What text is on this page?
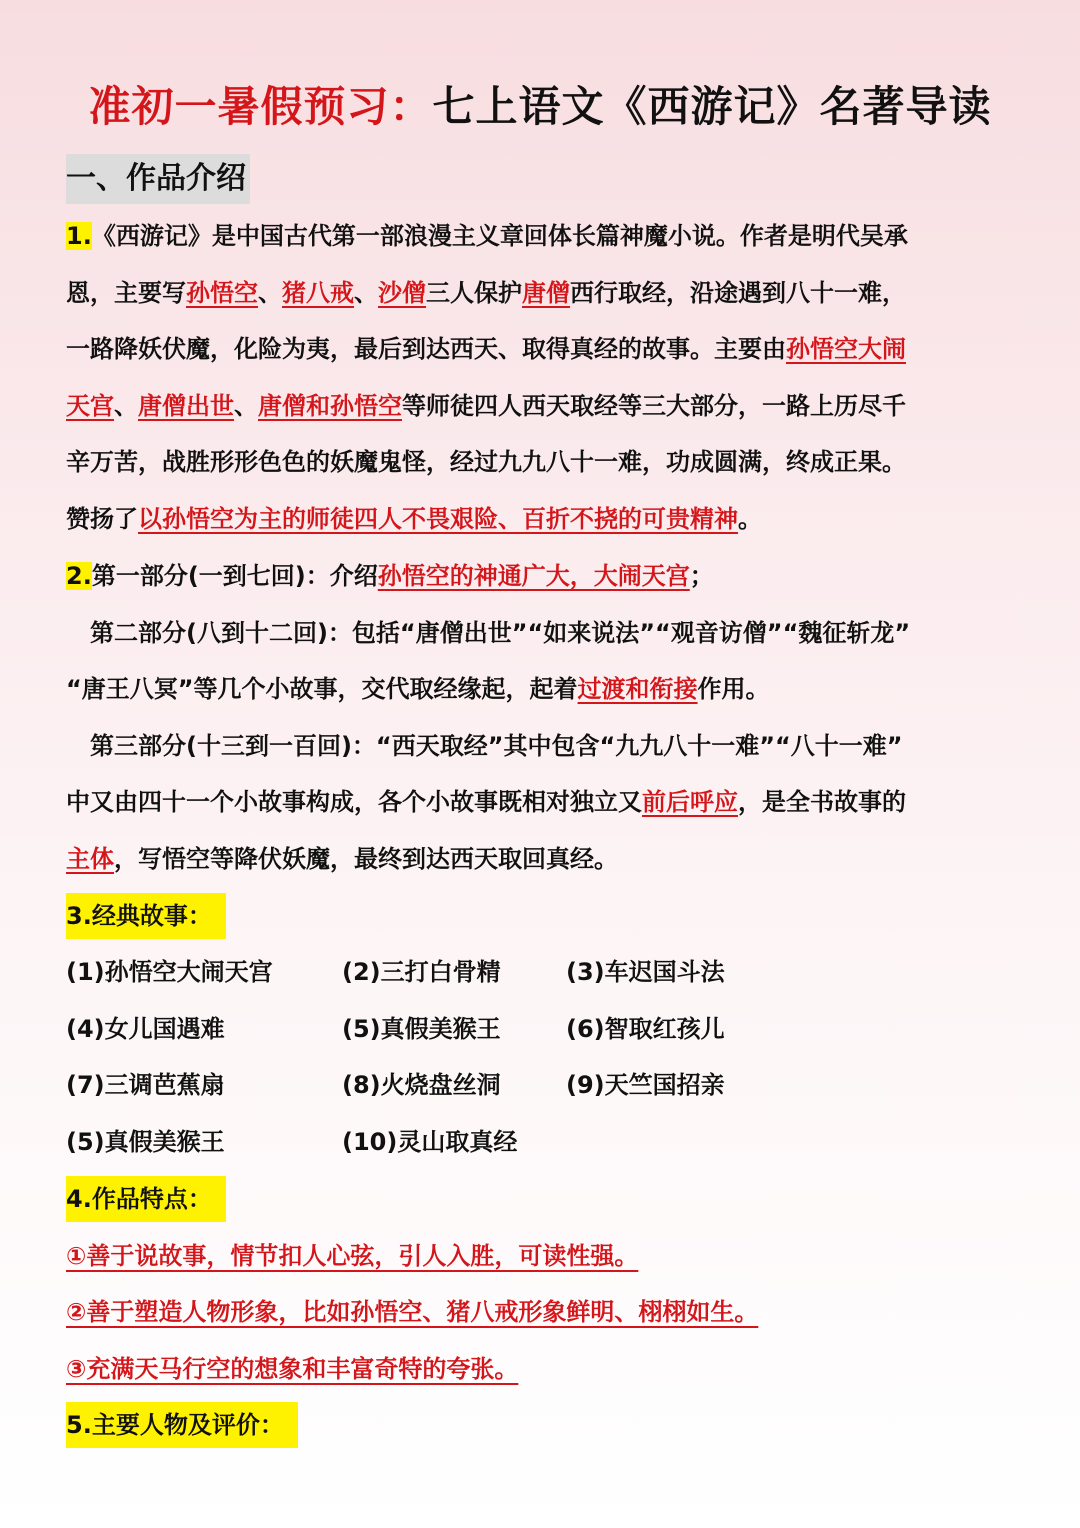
准初一暑假预习：七上语文《西游记》名著导读
一、作品介绍
1.《西游记》是中国古代第一部浪漫主义章回体长篇神魔小说。作者是明代吴承
恩，主要写孙悟空、猪八戒、沙僧三人保护唐僧西行取经，沿途遇到八十一难，
一路降妖伏魔，化险为夷，最后到达西天、取得真经的故事。主要由孙悟空大闹
天宫、唐僧出世、唐僧和孙悟空等师徒四人西天取经等三大部分，一路上历尽千
辛万苦，战胜形形色色的妖魔鬼怪，经过九九八十一难，功成圆满，终成正果。
赞扬了以孙悟空为主的师徒四人不畏艰险、百折不挠的可贵精神。
2.第一部分(一到七回)：介绍孙悟空的神通广大，大闹天宫；
第二部分(八到十二回)：包括“唐僧出世”“如来说法”“观音访僧”“魏征斩龙”
“唐王八冥”等几个小故事，交代取经缘起，起着过渡和衔接作用。
第三部分(十三到一百回)：“西天取经”其中包含“九九八十一难”“八十一难”
中又由四十一个小故事构成，各个小故事既相对独立又前后呼应，是全书故事的
主体，写悟空等降伏妖魔，最终到达西天取回真经。
3.经典故事：
(1)孙悟空大闹天宫	(2)三打白骨精	(3)车迟国斗法
(4)女儿国遇难	(5)真假美猴王	(6)智取红孩儿
(7)三调芭蕉扇	(8)火烧盘丝洞	(9)天竺国招亲
(5)真假美猴王	(10)灵山取真经
4.作品特点：
①善于说故事，情节扣人心弦，引人入胜，可读性强。
②善于塑造人物形象，比如孙悟空、猪八戒形象鲜明、栩栩如生。
③充满天马行空的想象和丰富奇特的夸张。
5.主要人物及评价：
